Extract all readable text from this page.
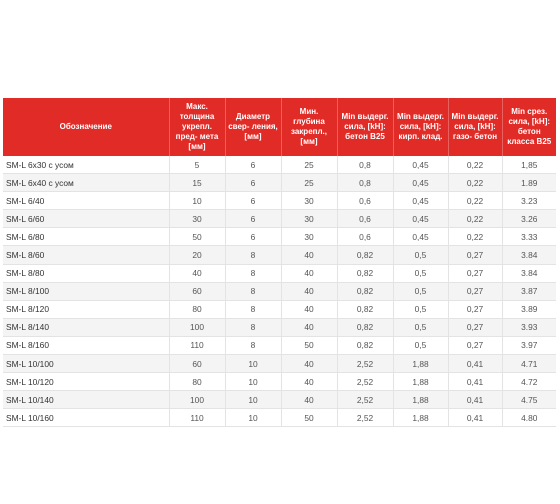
Обозначение	Макс. толщина укрепл. пред- мета [мм]	Диаметр свер- ления, [мм]	Мин. глубина закрепл., [мм]	Min выдерг. сила, [kH]: бетон В25	Min выдерг. сила, [kH]: кирп. клад.	Min выдерг. сила, [kH]: газо- бетон	Min срез. сила, [kH]: бетон класса В25
SM-L 6x30 с усом	5	6	25	0,8	0,45	0,22	1,85
SM-L 6x40 с усом	15	6	25	0,8	0,45	0,22	1.89
SM-L 6/40	10	6	30	0,6	0,45	0,22	3.23
SM-L 6/60	30	6	30	0,6	0,45	0,22	3.26
SM-L 6/80	50	6	30	0,6	0,45	0,22	3.33
SM-L 8/60	20	8	40	0,82	0,5	0,27	3.84
SM-L 8/80	40	8	40	0,82	0,5	0,27	3.84
SM-L 8/100	60	8	40	0,82	0,5	0,27	3.87
SM-L 8/120	80	8	40	0,82	0,5	0,27	3.89
SM-L 8/140	100	8	40	0,82	0,5	0,27	3.93
SM-L 8/160	110	8	50	0,82	0,5	0,27	3.97
SM-L 10/100	60	10	40	2,52	1,88	0,41	4.71
SM-L 10/120	80	10	40	2,52	1,88	0,41	4.72
SM-L 10/140	100	10	40	2,52	1,88	0,41	4.75
SM-L 10/160	110	10	50	2,52	1,88	0,41	4.80
